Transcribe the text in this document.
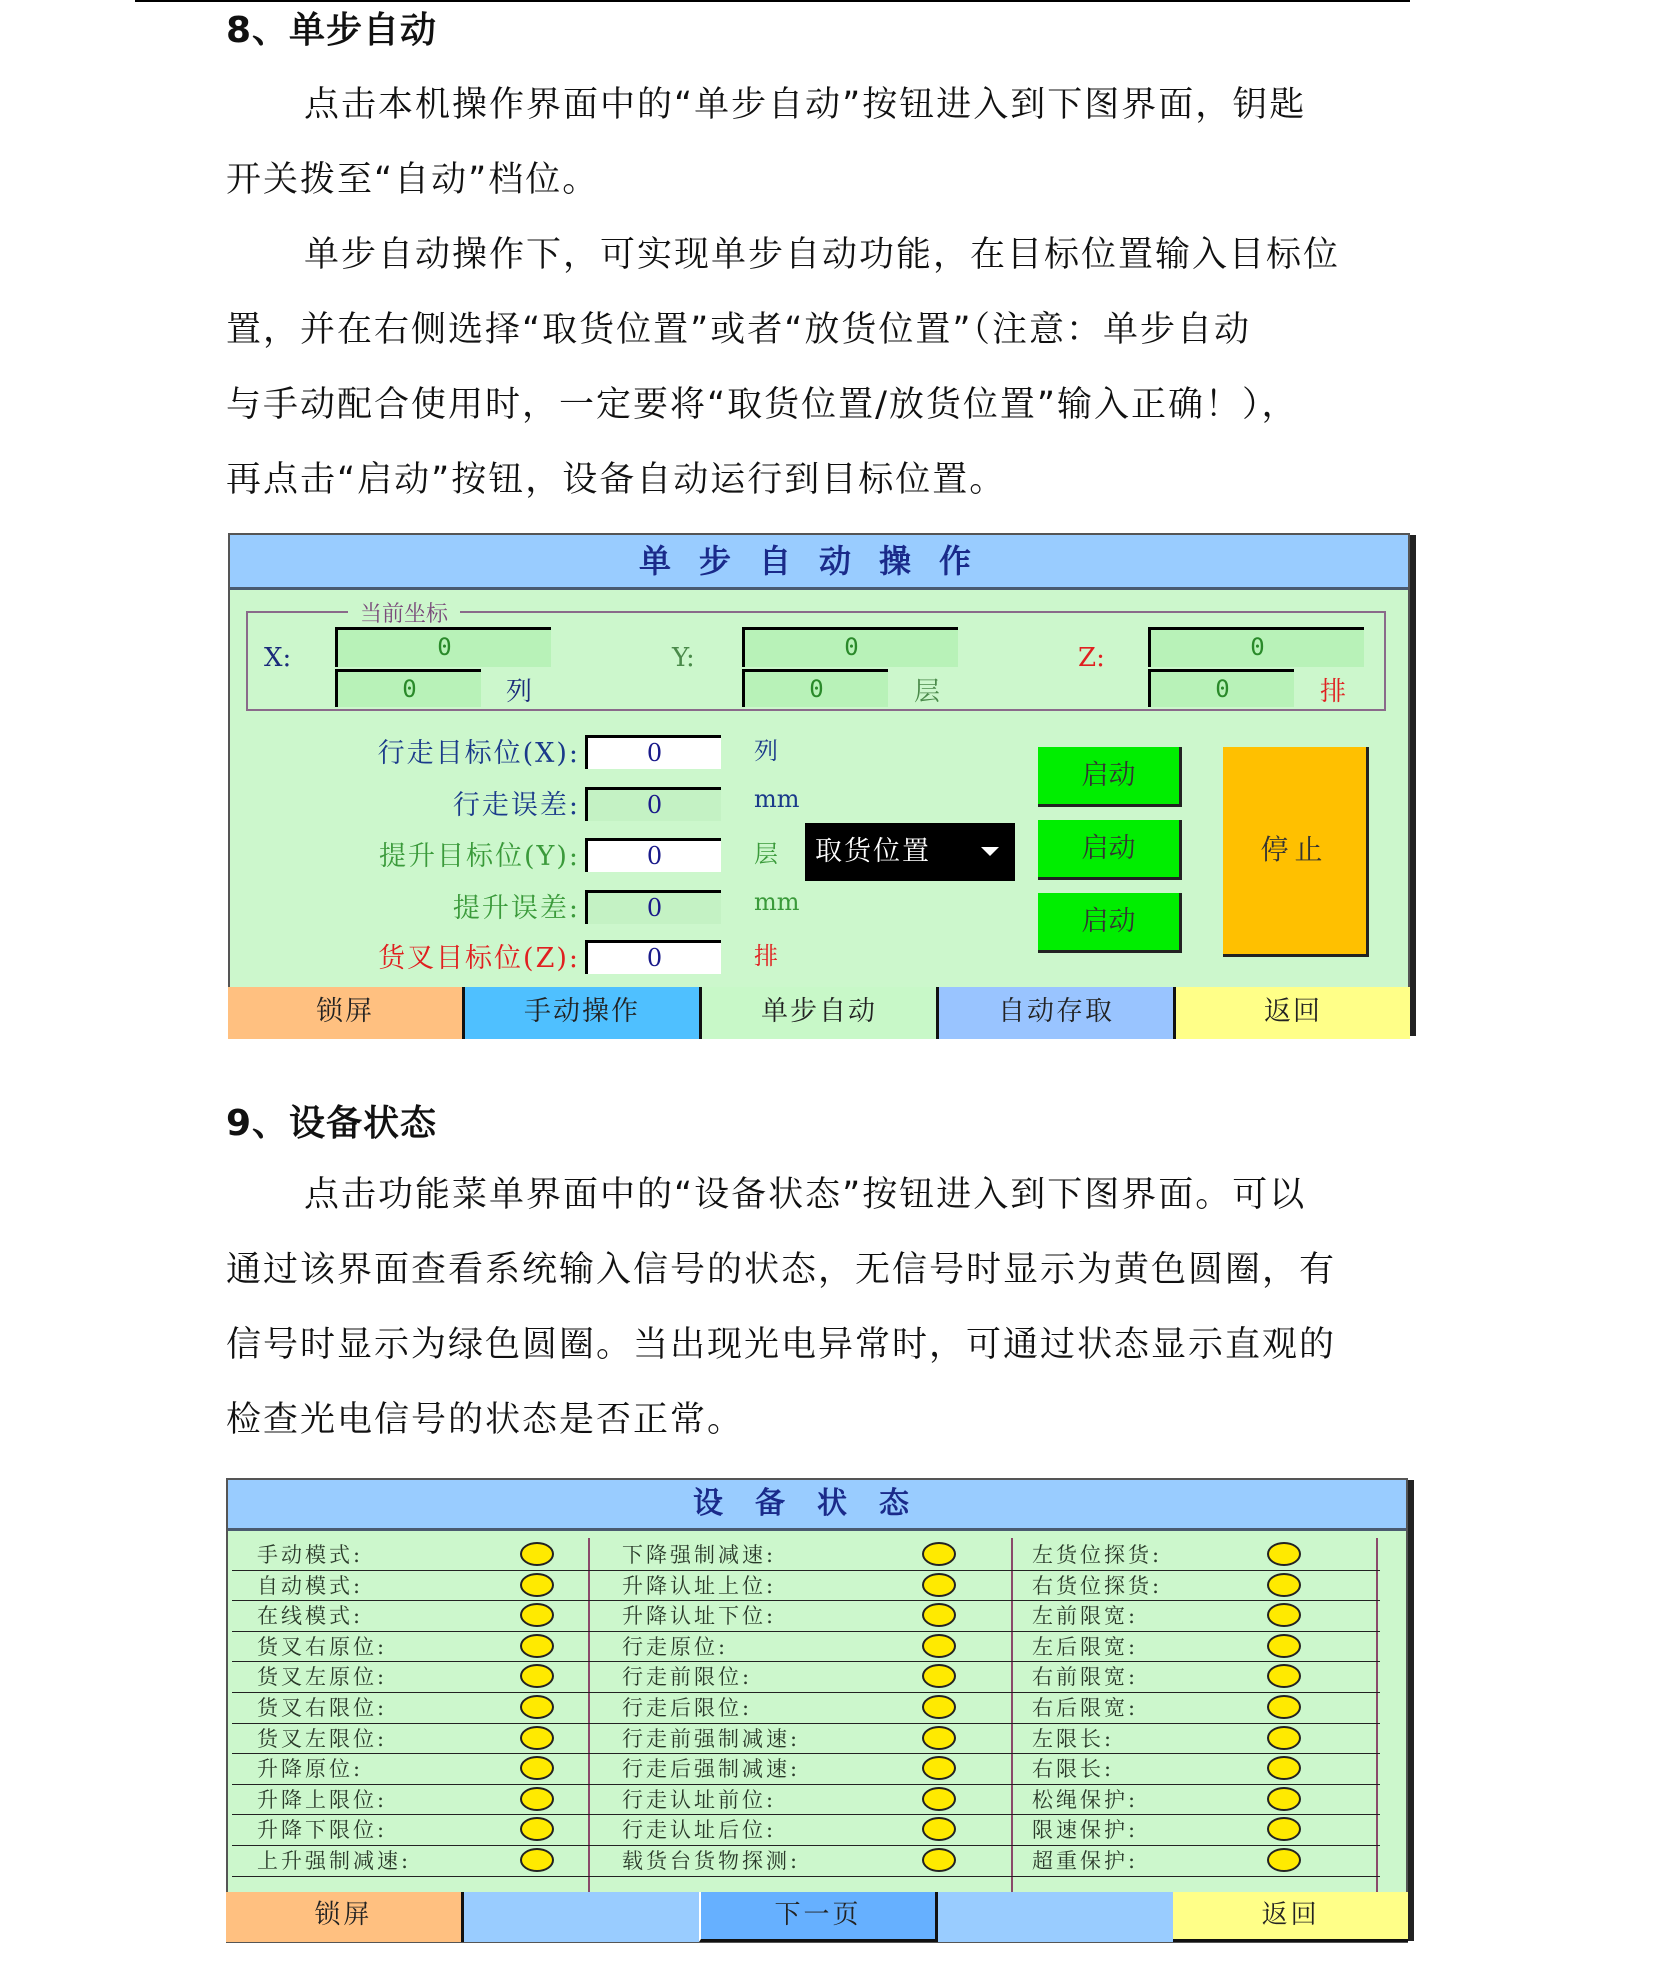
8、单步自动
点击本机操作界面中的“单步自动”按钮进入到下图界面，钥匙
开关拨至“自动”档位。
单步自动操作下，可实现单步自动功能，在目标位置输入目标位
置，并在右侧选择“取货位置”或者“放货位置”（注意：单步自动
与手动配合使用时，一定要将“取货位置/放货位置”输入正确！），
再点击“启动”按钮，设备自动运行到目标位置。
单步自动操作
当前坐标
X:	0
0	列
Y:	0
0	层
Z:	0
0	排
行走目标位(X):	0	列
行走误差:	0	mm
提升目标位(Y):	0	层
提升误差:	0	mm
货叉目标位(Z):	0	排
取货位置
启动
启动
启动
停止
锁屏	手动操作	单步自动	自动存取	返回
9、设备状态
点击功能菜单界面中的“设备状态”按钮进入到下图界面。可以
通过该界面查看系统输入信号的状态，无信号时显示为黄色圆圈，有
信号时显示为绿色圆圈。当出现光电异常时，可通过状态显示直观的
检查光电信号的状态是否正常。
设备状态
手动模式:	下降强制减速:	左货位探货:
自动模式:	升降认址上位:	右货位探货:
在线模式:	升降认址下位:	左前限宽:
货叉右原位:	行走原位:	左后限宽:
货叉左原位:	行走前限位:	右前限宽:
货叉右限位:	行走后限位:	右后限宽:
货叉左限位:	行走前强制减速:	左限长:
升降原位:	行走后强制减速:	右限长:
升降上限位:	行走认址前位:	松绳保护:
升降下限位:	行走认址后位:	限速保护:
上升强制减速:	载货台货物探测:	超重保护:
锁屏	下一页	返回
